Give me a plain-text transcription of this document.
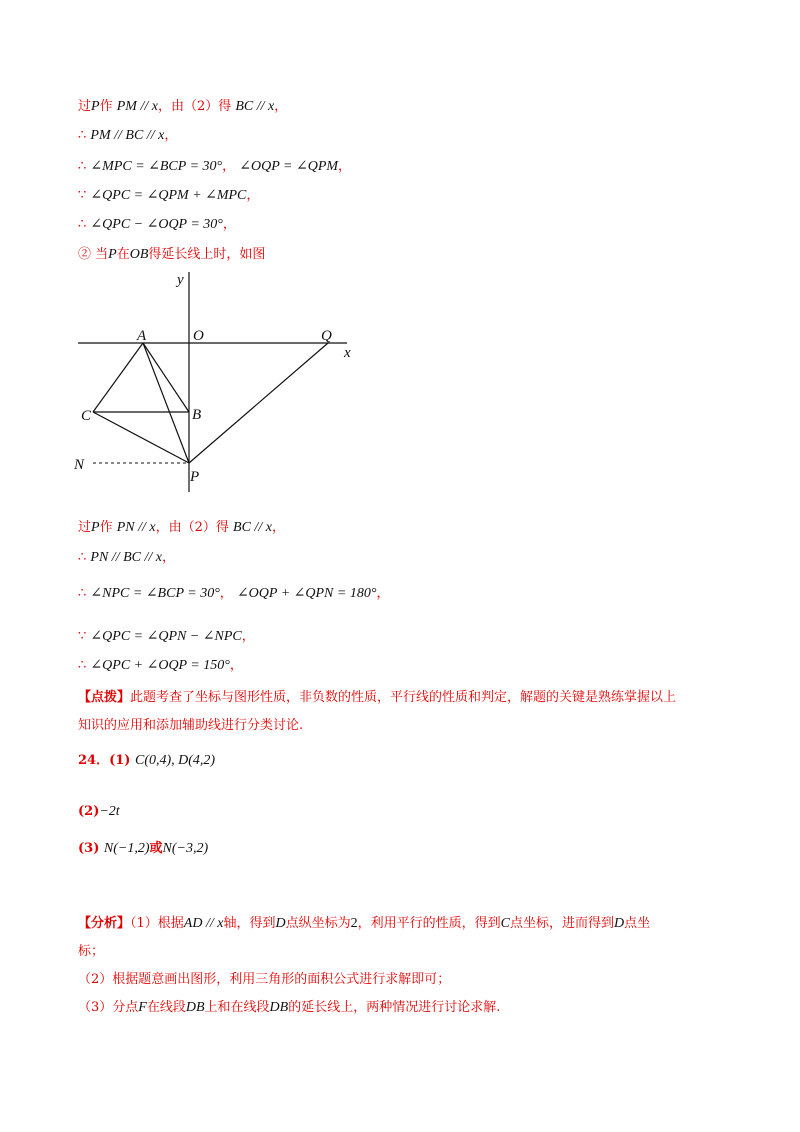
过P作 PM // x，由（2）得 BC // x，
∴ PM // BC // x，
∴ ∠MPC = ∠BCP = 30°， ∠OQP = ∠QPM，
∵ ∠QPC = ∠QPM + ∠MPC，
∴ ∠QPC − ∠OQP = 30°，
② 当P在OB得延长线上时，如图
y
x
A	O	Q
B
C
N
P
过P作 PN // x，由（2）得 BC // x，
∴ PN // BC // x，
∴ ∠NPC = ∠BCP = 30°， ∠OQP + ∠QPN = 180°，
∵ ∠QPC = ∠QPN − ∠NPC，
∴ ∠QPC + ∠OQP = 150°，
【点拨】此题考查了坐标与图形性质，非负数的性质，平行线的性质和判定，解题的关键是熟练掌握以上
知识的应用和添加辅助线进行分类讨论.
24．(1) C(0,4), D(4,2)
(2)−2t
(3) N(−1,2)或N(−3,2)
【分析】（1）根据AD // x轴，得到D点纵坐标为2，利用平行的性质，得到C点坐标，进而得到D点坐
标；
（2）根据题意画出图形，利用三角形的面积公式进行求解即可；
（3）分点F在线段DB上和在线段DB的延长线上，两种情况进行讨论求解.
